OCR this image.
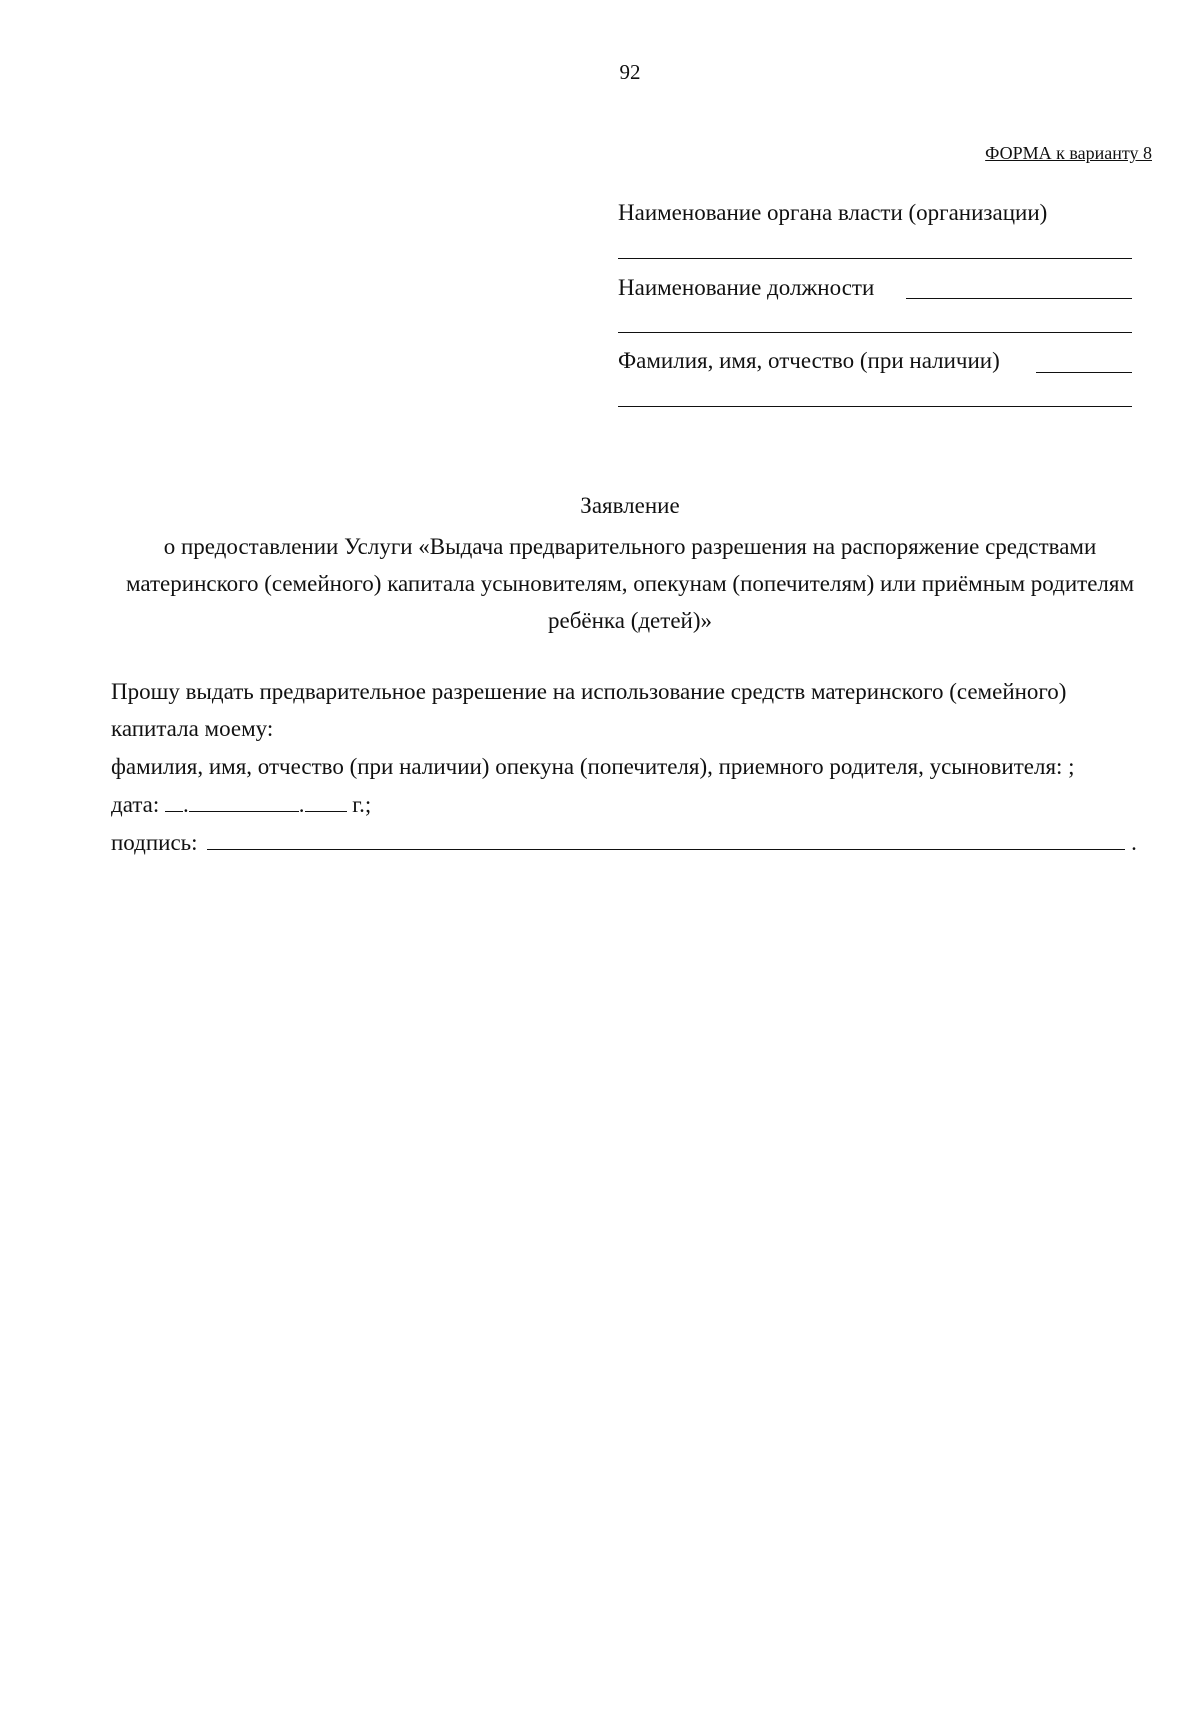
92
ФОРМА к варианту 8
Наименование органа власти (организации)
Наименование должности
Фамилия, имя, отчество (при наличии)
Заявление
о предоставлении Услуги «Выдача предварительного разрешения на распоряжение средствами материнского (семейного) капитала усыновителям, опекунам (попечителям) или приёмным родителям ребёнка (детей)»
Прошу выдать предварительное разрешение на использование средств материнского (семейного)
капитала моему:
фамилия, имя, отчество (при наличии) опекуна (попечителя), приемного родителя, усыновителя: ;
дата: .	. г.;
подпись:	.
